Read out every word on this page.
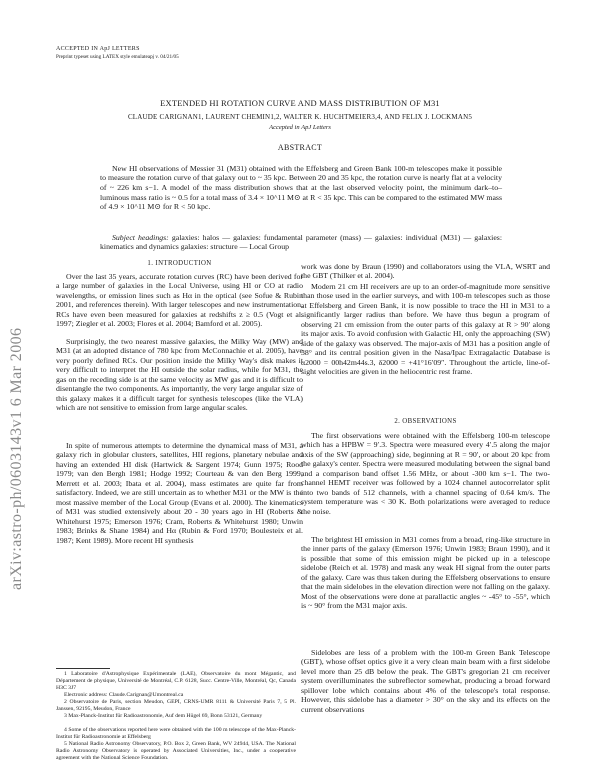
ACCEPTED IN ApJ LETTERS
Preprint typeset using LATEX style emulateapj v. 04/21/05
EXTENDED HI ROTATION CURVE AND MASS DISTRIBUTION OF M31
CLAUDE CARIGNAN1, LAURENT CHEMIN1,2, WALTER K. HUCHTMEIER3,4, AND FELIX J. LOCKMAN5
Accepted in ApJ Letters
ABSTRACT

New HI observations of Messier 31 (M31) obtained with the Effelsberg and Green Bank 100-m telescopes make it possible to measure the rotation curve of that galaxy out to ~ 35 kpc. Between 20 and 35 kpc, the rotation curve is nearly flat at a velocity of ~ 226 km s−1. A model of the mass distribution shows that at the last observed velocity point, the minimum dark–to–luminous mass ratio is ~ 0.5 for a total mass of 3.4 × 10^11 M⊙ at R < 35 kpc. This can be compared to the estimated MW mass of 4.9 × 10^11 M⊙ for R < 50 kpc.

Subject headings: galaxies: halos — galaxies: fundamental parameter (mass) — galaxies: individual (M31) — galaxies: kinematics and dynamics galaxies: structure — Local Group

arXiv:astro-ph/0603143v1 6 Mar 2006
1. INTRODUCTION

Over the last 35 years, accurate rotation curves (RC) have been derived for a large number of galaxies in the Local Universe, using HI or CO at radio wavelengths, or emission lines such as Hα in the optical (see Sofue & Rubin 2001, and references therein). With larger telescopes and new instrumentation, RCs have even been measured for galaxies at redshifts z ≥ 0.5 (Vogt et al. 1997; Ziegler et al. 2003; Flores et al. 2004; Bamford et al. 2005).

Surprisingly, the two nearest massive galaxies, the Milky Way (MW) and M31 (at an adopted distance of 780 kpc from McConnachie et al. 2005), have very poorly defined RCs. Our position inside the Milky Way's disk makes it very difficult to interpret the HI outside the solar radius, while for M31, the gas on the receding side is at the same velocity as MW gas and it is difficult to disentangle the two components. As importantly, the very large angular size of this galaxy makes it a difficult target for synthesis telescopes (like the VLA) which are not sensitive to emission from large angular scales.

In spite of numerous attempts to determine the dynamical mass of M31, a galaxy rich in globular clusters, satellites, HII regions, planetary nebulae and having an extended HI disk (Hartwick & Sargent 1974; Gunn 1975; Rood 1979; van den Bergh 1981; Hodge 1992; Courteau & van den Berg 1999; Merrett et al. 2003; Ibata et al. 2004), mass estimates are quite far from satisfactory. Indeed, we are still uncertain as to whether M31 or the MW is the most massive member of the Local Group (Evans et al. 2000). The kinematics of M31 was studied extensively about 20 - 30 years ago in HI (Roberts & Whitehurst 1975; Emerson 1976; Cram, Roberts & Whitehurst 1980; Unwin 1983; Brinks & Shane 1984) and Hα (Rubin & Ford 1970; Boulesteix et al. 1987; Kent 1989). More recent HI synthesis

1 Laboratoire d'Astrophysique Expérimentale (LAE), Observatoire du mont Mégantic, and Département de physique, Université de Montréal, C.P. 6128, Succ. Centre-Ville, Montréal, Qc, Canada H3C 3J7
Electronic address: Claude.Carignan@Umontreal.ca
2 Observatoire de Paris, section Meudon, GEPI, CRNS-UMR 8111 & Université Paris 7, 5 Pl. Janssen, 92195, Meudon, France
3 Max-Planck-Institut für Radioastronomie, Auf dem Hügel 69, Bonn 53121, Germany
4 Some of the observations reported here were obtained with the 100 m telescope of the Max-Planck-Institut für Radioastronomie at Effelsberg
5 National Radio Astronomy Observatory, P.O. Box 2, Green Bank, WV 24944, USA. The National Radio Astronomy Observatory is operated by Associated Universities, Inc., under a cooperative agreement with the National Science Foundation.

work was done by Braun (1990) and collaborators using the VLA, WSRT and the GBT (Thilker et al. 2004).

Modern 21 cm HI receivers are up to an order-of-magnitude more sensitive than those used in the earlier surveys, and with 100-m telescopes such as those at Effelsberg and Green Bank, it is now possible to trace the HI in M31 to a significantly larger radius than before. We have thus begun a program of observing 21 cm emission from the outer parts of this galaxy at R > 90′ along its major axis. To avoid confusion with Galactic HI, only the approaching (SW) side of the galaxy was observed. The major-axis of M31 has a position angle of 38° and its central position given in the Nasa/Ipac Extragalactic Database is α2000 = 00h42m44s.3, δ2000 = +41°16′09″. Throughout the article, line-of-sight velocities are given in the heliocentric rest frame.

2. OBSERVATIONS

The first observations were obtained with the Effelsberg 100-m telescope which has a HPBW = 9′.3. Spectra were measured every 4′.5 along the major axis of the SW (approaching) side, beginning at R = 90′, or about 20 kpc from the galaxy's center. Spectra were measured modulating between the signal band and a comparison band offset 1.56 MHz, or about -300 km s−1. The two-channel HEMT receiver was followed by a 1024 channel autocorrelator split into two bands of 512 channels, with a channel spacing of 0.64 km/s. The system temperature was < 30 K. Both polarizations were averaged to reduce the noise.

The brightest HI emission in M31 comes from a broad, ring-like structure in the inner parts of the galaxy (Emerson 1976; Unwin 1983; Braun 1990), and it is possible that some of this emission might be picked up in a telescope sidelobe (Reich et al. 1978) and mask any weak HI signal from the outer parts of the galaxy. Care was thus taken during the Effelsberg observations to ensure that the main sidelobes in the elevation direction were not falling on the galaxy. Most of the observations were done at parallactic angles ~ -45° to -55°, which is ~ 90° from the M31 major axis.

Sidelobes are less of a problem with the 100-m Green Bank Telescope (GBT), whose offset optics give it a very clean main beam with a first sidelobe level more than 25 dB below the peak. The GBT's gregorian 21 cm receiver system overilluminates the subreflector somewhat, producing a broad forward spillover lobe which contains about 4% of the telescope's total response. However, this sidelobe has a diameter > 30° on the sky and its effects on the current observations
